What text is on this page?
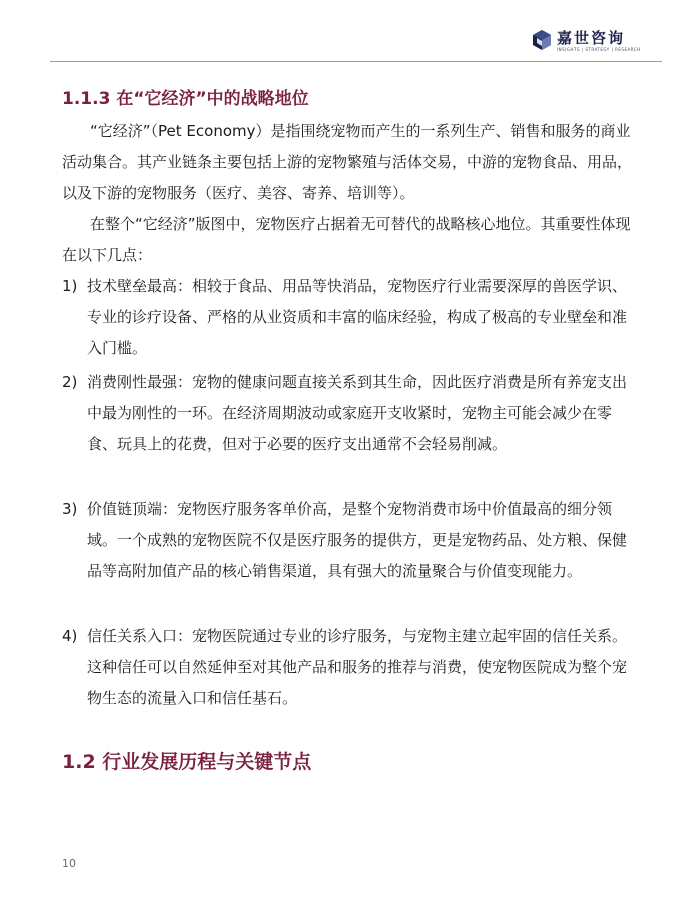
嘉世咨询
INSIGHTS | STRATEGY | RESEARCH
1.1.3 在“它经济”中的战略地位

“它经济”（Pet Economy）是指围绕宠物而产生的一系列生产、销售和服务的商业活动集合。其产业链条主要包括上游的宠物繁殖与活体交易，中游的宠物食品、用品，以及下游的宠物服务（医疗、美容、寄养、培训等）。

在整个“它经济”版图中，宠物医疗占据着无可替代的战略核心地位。其重要性体现在以下几点：

1) 技术壁垒最高：相较于食品、用品等快消品，宠物医疗行业需要深厚的兽医学识、专业的诊疗设备、严格的从业资质和丰富的临床经验，构成了极高的专业壁垒和准入门槛。
2) 消费刚性最强：宠物的健康问题直接关系到其生命，因此医疗消费是所有养宠支出中最为刚性的一环。在经济周期波动或家庭开支收紧时，宠物主可能会减少在零食、玩具上的花费，但对于必要的医疗支出通常不会轻易削减。
3) 价值链顶端：宠物医疗服务客单价高，是整个宠物消费市场中价值最高的细分领域。一个成熟的宠物医院不仅是医疗服务的提供方，更是宠物药品、处方粮、保健品等高附加值产品的核心销售渠道，具有强大的流量聚合与价值变现能力。
4) 信任关系入口：宠物医院通过专业的诊疗服务，与宠物主建立起牢固的信任关系。这种信任可以自然延伸至对其他产品和服务的推荐与消费，使宠物医院成为整个宠物生态的流量入口和信任基石。
1.2 行业发展历程与关键节点
10
